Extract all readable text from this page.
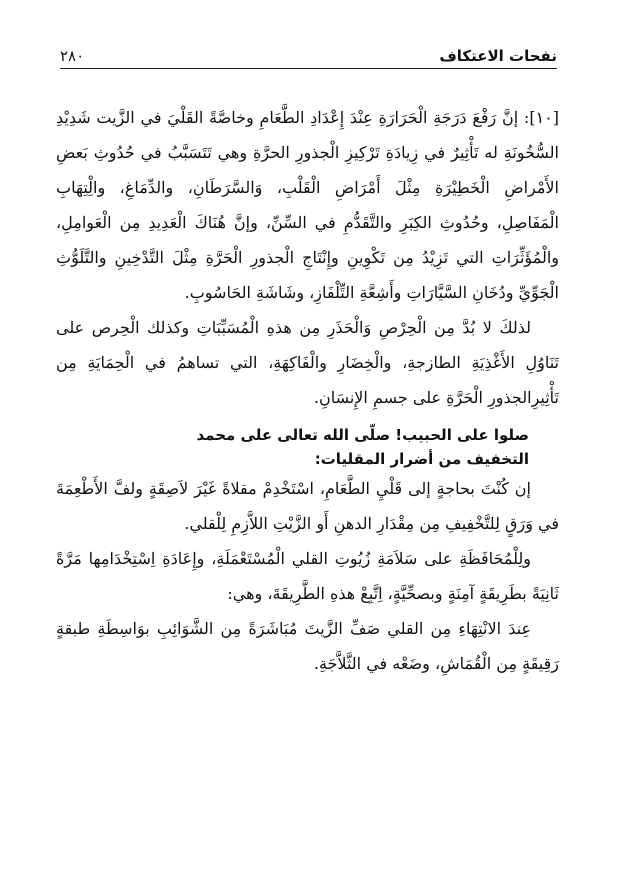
٢٨٠	نفحات الاعتكاف

[١٠]: إنَّ رَفْعَ دَرَجَةِ الْحَرَارَةِ عِنْدَ إِعْدَادِ الطَّعَامِ وخاصَّةً القَلْيَ في الزَّيت شَدِيْدِ السُّخُونَةِ له تَأْثِيرٌ في زِيادَةِ تَرْكِيزِ الْجذورِ الحرَّةِ وهي تَتَسَبَّبُ في حُدُوثِ بَعضِ الأَمْراضِ الْخَطِيْرَةِ مِثْلَ أَمْرَاضِ الْقَلْبِ، وَالسَّرَطَانِ، والدِّمَاغِ، والِْتِهَابِ الْمَفَاصِلِ، وحُدُوثِ الكِبَرِ والتَّقَدُّمِ في السِّنِّ، وإنَّ هُنَاكَ الْعَدِيدِ مِن الْعَوامِلِ، والْمُؤَثِّرَاتِ التي تَزِيْدُ مِن تَكْوِينِ وإِنْتَاجِ الْجذورِ الْحَرَّةِ مِثْلَ التَّدْخِينِ والتَّلَوُّثِ الْجَوِّيِّ ودُخَانِ السَّيَّارَاتِ وأَشِعَّةِ التِّلْفَازِ، وشَاشَةِ الحَاسُوبِ.

لذلكَ لا بُدَّ مِن الْحِرْصِ وَالْحَذَرِ مِن هذهِ الْمُسَبِّبَاتِ وكذلك الْحِرص على تَنَاوُلِ الأَغْذِيَةِ الطازجةِ، والْخِضَارِ والْفَاكِهَةِ، التي تساهمُ في الْحِمَايَةِ مِن تَأْثِيرِالجذورِ الْحَرَّةِ على جسمِ الإِنسَانِ.

صلوا على الحبيب! صلّى الله تعالى على محمد
التخفيف من أضرار المقليات:

إن كُنْتَ بحاجةٍ إلى قَلْيِ الطَّعَامِ، اسْتَخْدِمْ مقلاةً غَيْرَ لاَصِقَةٍ ولفَّ الأَطْعِمَةَ في وَرَقٍ لِلتَّخْفِيفِ مِن مِقْدَارِ الدهنِ أَو الزَّيْتِ اللاَّزِمِ لِلْقلي.

ولِلْمُحَافَظَةِ على سَلاَمَةِ زُيُوتِ القلي الْمُسْتَعْمَلَةِ، وإِعَادَةِ اِسْتِخْدَامِها مَرَّةً ثَانِيَةً بطَرِيقَةٍ آمِنَةٍ وبصحِّيَّةٍ، اِتَّبِعْ هذهِ الطَّرِيقَةَ، وهي:

عِندَ الانْتِهَاءِ مِن القلي صَفِّ الزَّيتَ مُبَاشَرَةً مِن الشَّوَائِبِ بوَاسِطَةِ طبقةٍ رَقِيقَةٍ مِن الْقُمَاشِ، وضَعْه في الثَّلاَّجَةِ.
